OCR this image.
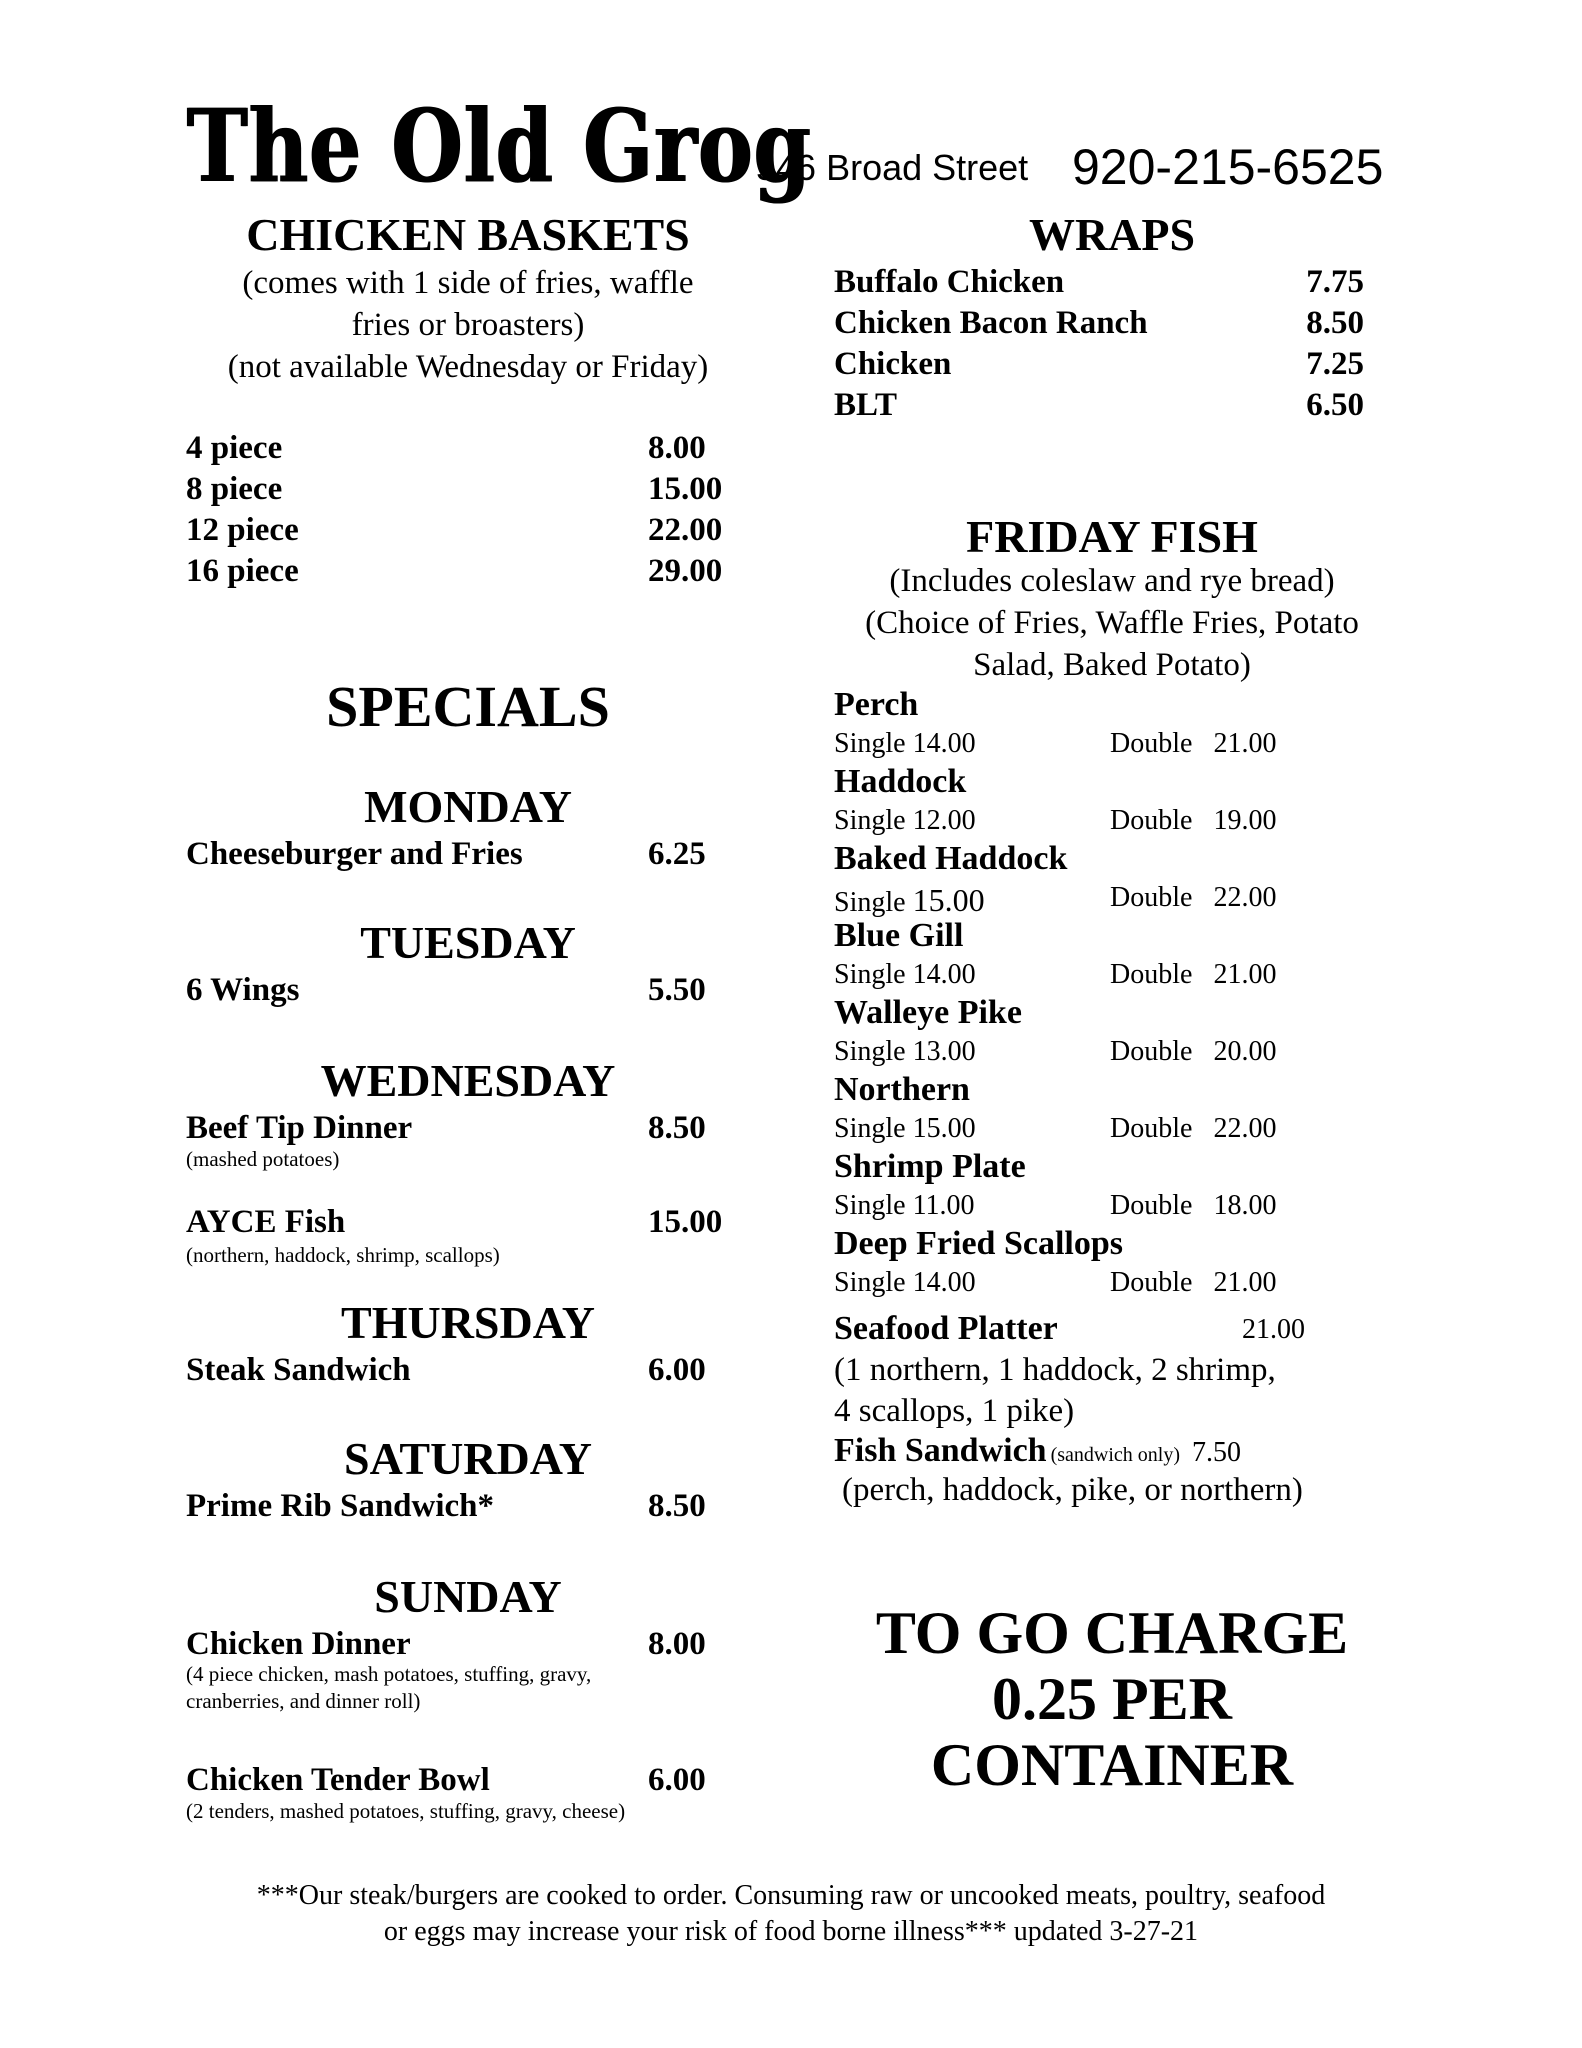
The Old Grog
546 Broad Street 920-215-6525
CHICKEN BASKETS
(comes with 1 side of fries, waffle
fries or broasters)
(not available Wednesday or Friday)
4 piece	8.00
8 piece	15.00
12 piece	22.00
16 piece	29.00
SPECIALS
MONDAY
Cheeseburger and Fries	6.25
TUESDAY
6 Wings	5.50
WEDNESDAY
Beef Tip Dinner	8.50
(mashed potatoes)
AYCE Fish	15.00
(northern, haddock, shrimp, scallops)
THURSDAY
Steak Sandwich	6.00
SATURDAY
Prime Rib Sandwich*	8.50
SUNDAY
Chicken Dinner	8.00
(4 piece chicken, mash potatoes, stuffing, gravy,
cranberries, and dinner roll)
Chicken Tender Bowl	6.00
(2 tenders, mashed potatoes, stuffing, gravy, cheese)
WRAPS
Buffalo Chicken	7.75
Chicken Bacon Ranch	8.50
Chicken	7.25
BLT	6.50
FRIDAY FISH
(Includes coleslaw and rye bread)
(Choice of Fries, Waffle Fries, Potato
Salad, Baked Potato)
Perch
Single 14.00	Double 21.00
Haddock
Single 12.00	Double 19.00
Baked Haddock
Single 15.00	Double 22.00
Blue Gill
Single 14.00	Double 21.00
Walleye Pike
Single 13.00	Double 20.00
Northern
Single 15.00	Double 22.00
Shrimp Plate
Single 11.00	Double 18.00
Deep Fried Scallops
Single 14.00	Double 21.00
Seafood Platter	21.00
(1 northern, 1 haddock, 2 shrimp,
4 scallops, 1 pike)
Fish Sandwich (sandwich only) 7.50
(perch, haddock, pike, or northern)
TO GO CHARGE
0.25 PER
CONTAINER
***Our steak/burgers are cooked to order. Consuming raw or uncooked meats, poultry, seafood
or eggs may increase your risk of food borne illness*** updated 3-27-21
